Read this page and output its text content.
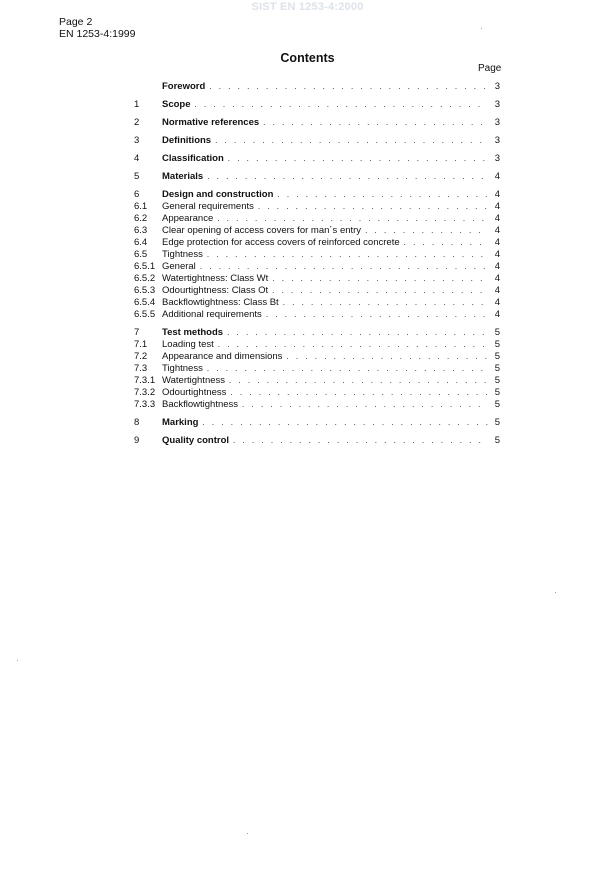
SIST EN 1253-4:2000
Page 2
EN 1253-4:1999
Contents
Page
Foreword . . .	3
1	Scope . . .	3
2	Normative references . . .	3
3	Definitions . . .	3
4	Classification . . .	3
5	Materials . . .	4
6	Design and construction . . .	4
6.1	General requirements . . .	4
6.2	Appearance . . .	4
6.3	Clear opening of access covers for man´s entry . . .	4
6.4	Edge protection for access covers of reinforced concrete . . .	4
6.5	Tightness . . .	4
6.5.1 General . . .	4
6.5.2 Watertightness: Class Wt . . .	4
6.5.3 Odourtightness: Class Ot . . .	4
6.5.4 Backflowtightness: Class Bt . . .	4
6.5.5 Additional requirements . . .	4
7	Test methods . . .	5
7.1	Loading test . . .	5
7.2	Appearance and dimensions . . .	5
7.3	Tightness . . .	5
7.3.1 Watertightness . . .	5
7.3.2 Odourtightness . . .	5
7.3.3 Backflowtightness . . .	5
8	Marking . . .	5
9	Quality control . . .	5
